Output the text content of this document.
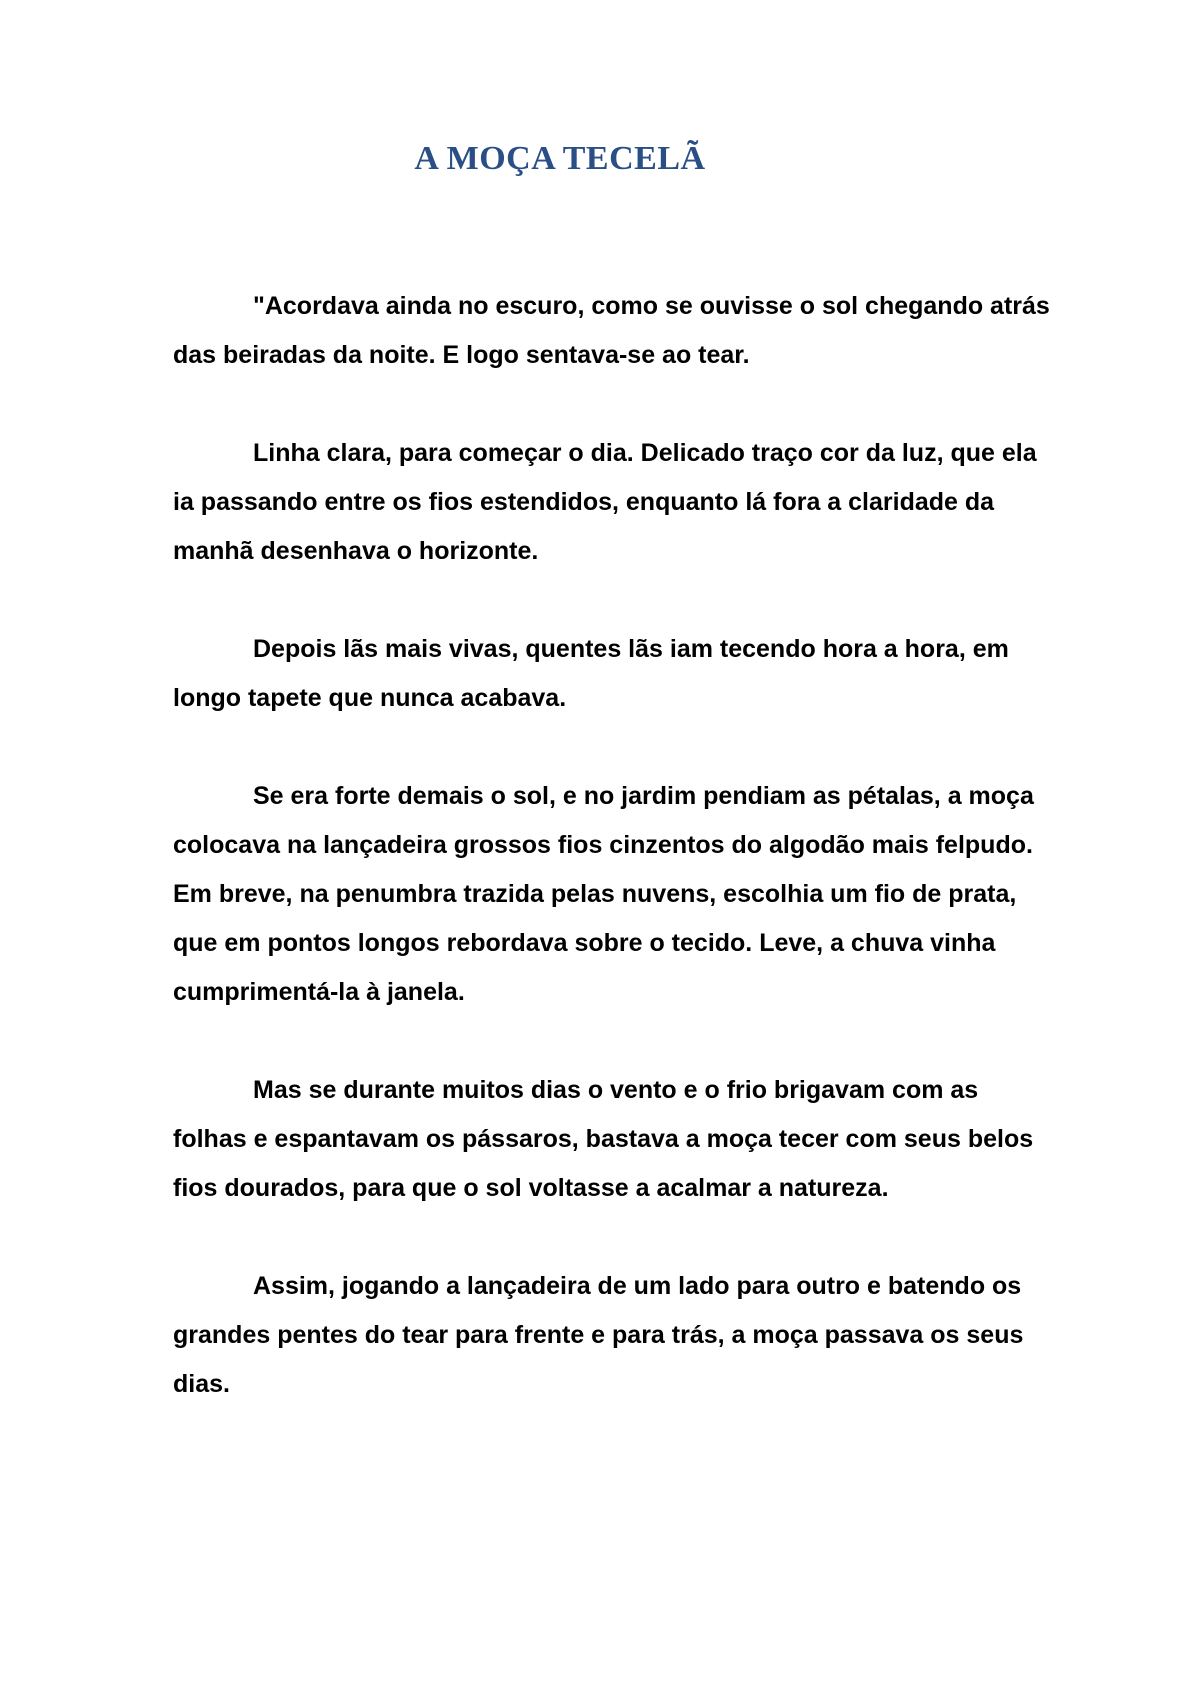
A MOÇA TECELÃ

"Acordava ainda no escuro, como se ouvisse o sol chegando atrás das beiradas da noite. E logo sentava-se ao tear.

Linha clara, para começar o dia. Delicado traço cor da luz, que ela ia passando entre os fios estendidos, enquanto lá fora a claridade da manhã desenhava o horizonte.

Depois lãs mais vivas, quentes lãs iam tecendo hora a hora, em longo tapete que nunca acabava.

Se era forte demais o sol, e no jardim pendiam as pétalas, a moça colocava na lançadeira grossos fios cinzentos do algodão mais felpudo. Em breve, na penumbra trazida pelas nuvens, escolhia um fio de prata, que em pontos longos rebordava sobre o tecido. Leve, a chuva vinha cumprimentá-la à janela.

Mas se durante muitos dias o vento e o frio brigavam com as folhas e espantavam os pássaros, bastava a moça tecer com seus belos fios dourados, para que o sol voltasse a acalmar a natureza.

Assim, jogando a lançadeira de um lado para outro e batendo os grandes pentes do tear para frente e para trás, a moça passava os seus dias.
